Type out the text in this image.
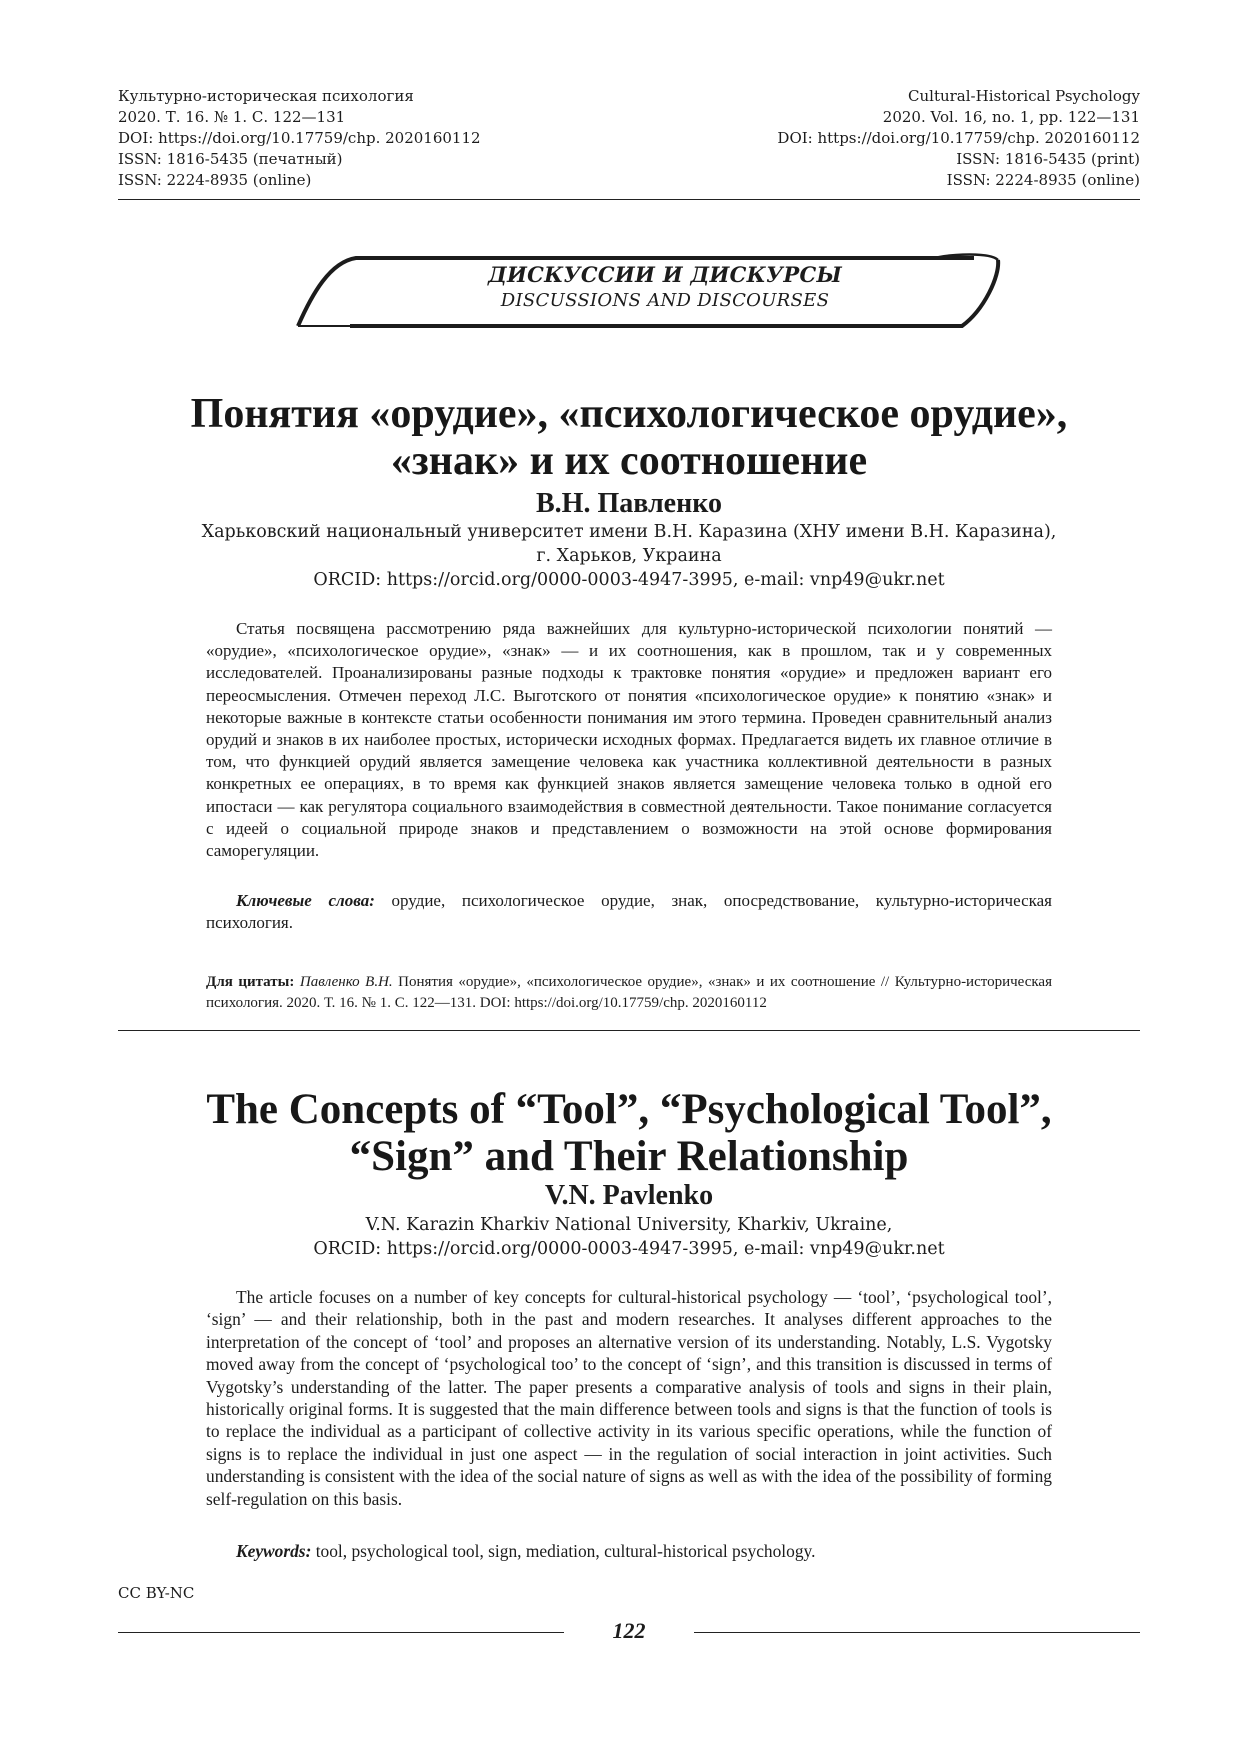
Культурно-историческая психология
2020. Т. 16. № 1. С. 122—131
DOI: https://doi.org/10.17759/chp. 2020160112
ISSN: 1816-5435 (печатный)
ISSN: 2224-8935 (online)
Cultural-Historical Psychology
2020. Vol. 16, no. 1, pp. 122—131
DOI: https://doi.org/10.17759/chp. 2020160112
ISSN: 1816-5435 (print)
ISSN: 2224-8935 (online)
ДИСКУССИИ И ДИСКУРСЫ
DISCUSSIONS AND DISCOURSES
Понятия «орудие», «психологическое орудие»,
«знак» и их соотношение
В.Н. Павленко
Харьковский национальный университет имени В.Н. Каразина (ХНУ имени В.Н. Каразина),
г. Харьков, Украина
ORCID: https://orcid.org/0000-0003-4947-3995, e-mail: vnp49@ukr.net

Статья посвящена рассмотрению ряда важнейших для культурно-исторической психологии понятий — «орудие», «психологическое орудие», «знак» — и их соотношения, как в прошлом, так и у современных исследователей. Проанализированы разные подходы к трактовке понятия «орудие» и предложен вариант его переосмысления. Отмечен переход Л.С. Выготского от понятия «психологическое орудие» к понятию «знак» и некоторые важные в контексте статьи особенности понимания им этого термина. Проведен сравнительный анализ орудий и знаков в их наиболее простых, исторически исходных формах. Предлагается видеть их главное отличие в том, что функцией орудий является замещение человека как участника коллективной деятельности в разных конкретных ее операциях, в то время как функцией знаков является замещение человека только в одной его ипостаси — как регулятора социального взаимодействия в совместной деятельности. Такое понимание согласуется с идеей о социальной природе знаков и представлением о возможности на этой основе формирования саморегуляции.

Ключевые слова: орудие, психологическое орудие, знак, опосредствование, культурно-историческая психология.

Для цитаты: Павленко В.Н. Понятия «орудие», «психологическое орудие», «знак» и их соотношение // Культурно-историческая психология. 2020. Т. 16. № 1. С. 122—131. DOI: https://doi.org/10.17759/chp. 2020160112

The Concepts of “Tool”, “Psychological Tool”,
“Sign” and Their Relationship
V.N. Pavlenko
V.N. Karazin Kharkiv National University, Kharkiv, Ukraine,
ORCID: https://orcid.org/0000-0003-4947-3995, e-mail: vnp49@ukr.net

The article focuses on a number of key concepts for cultural-historical psychology — ‘tool’, ‘psychological tool’, ‘sign’ — and their relationship, both in the past and modern researches. It analyses different approaches to the interpretation of the concept of ‘tool’ and proposes an alternative version of its understanding. Notably, L.S. Vygotsky moved away from the concept of ‘psychological too’ to the concept of ‘sign’, and this transition is discussed in terms of Vygotsky’s understanding of the latter. The paper presents a comparative analysis of tools and signs in their plain, historically original forms. It is suggested that the main difference between tools and signs is that the function of tools is to replace the individual as a participant of collective activity in its various specific operations, while the function of signs is to replace the individual in just one aspect — in the regulation of social interaction in joint activities. Such understanding is consistent with the idea of the social nature of signs as well as with the idea of the possibility of forming self-regulation on this basis.

Keywords: tool, psychological tool, sign, mediation, cultural-historical psychology.

CC BY-NC
122
